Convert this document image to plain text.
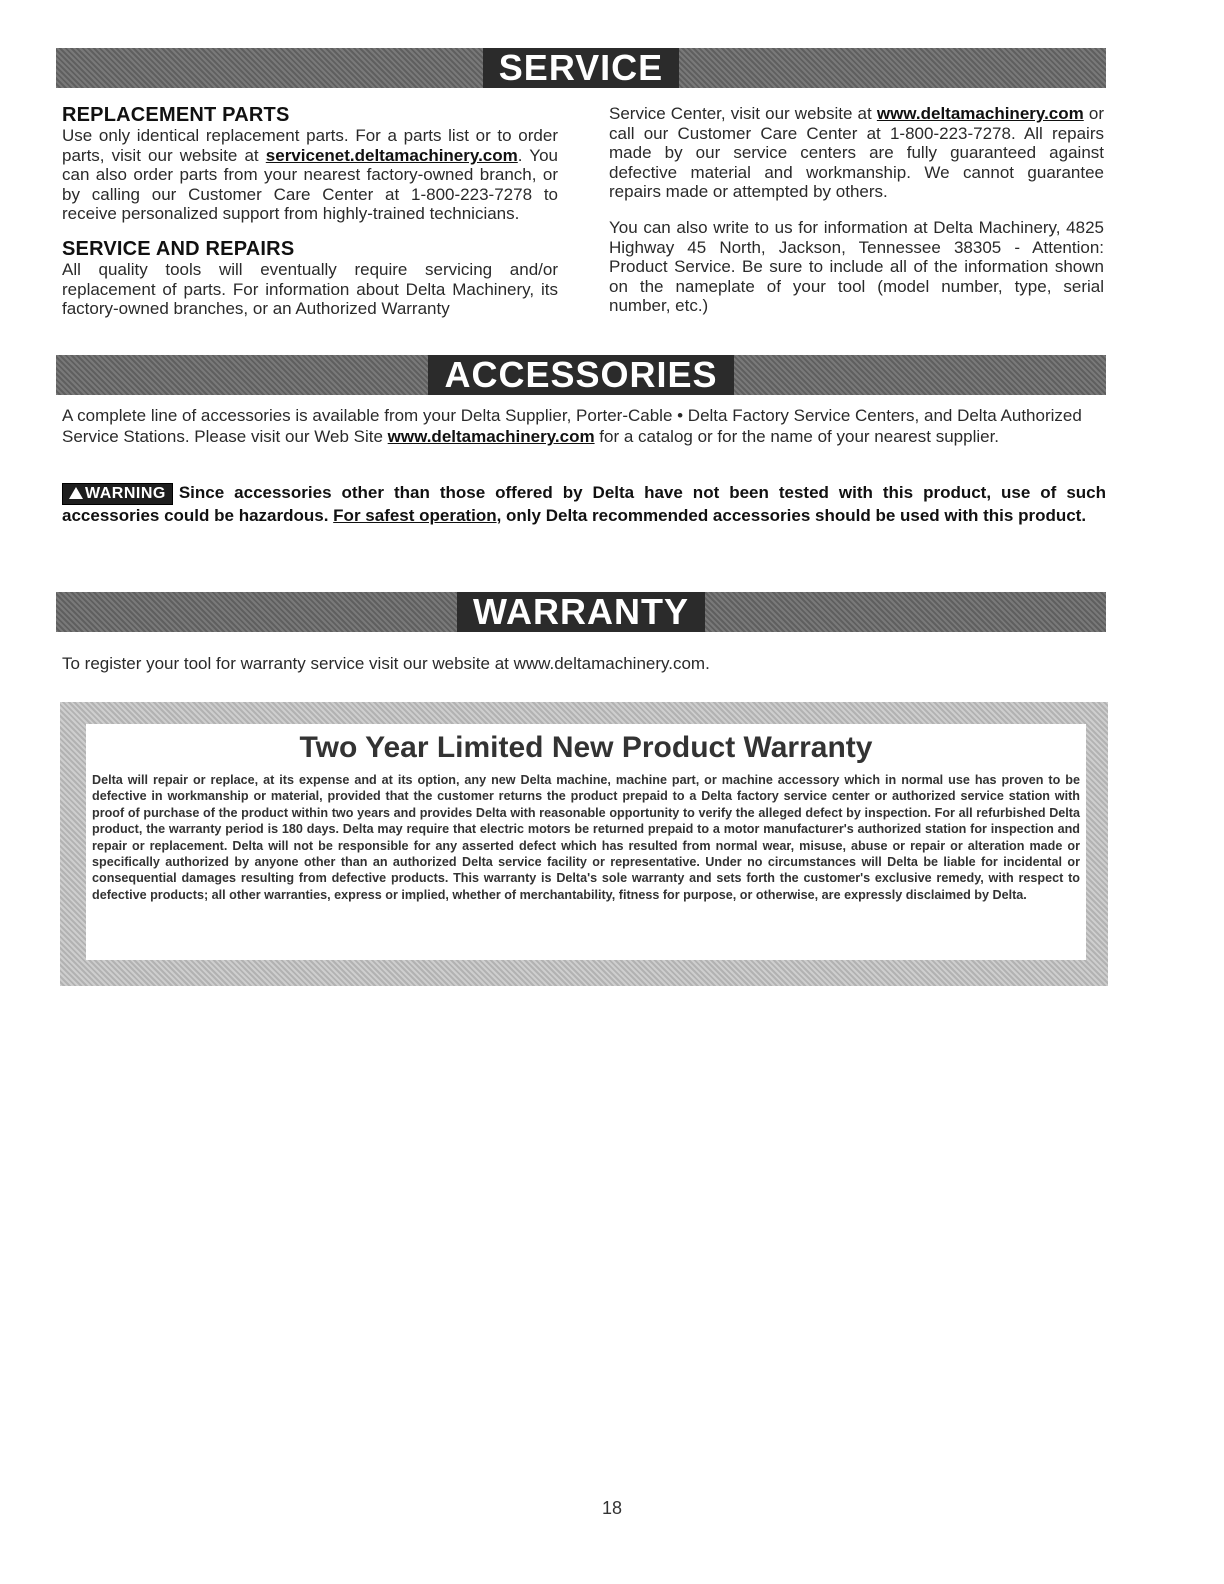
SERVICE
REPLACEMENT PARTS

Use only identical replacement parts. For a parts list or to order parts, visit our website at servicenet.deltamachinery.com. You can also order parts from your nearest factory-owned branch, or by calling our Customer Care Center at 1-800-223-7278 to receive personalized support from highly-trained technicians.

SERVICE AND REPAIRS

All quality tools will eventually require servicing and/or replacement of parts. For information about Delta Machinery, its factory-owned branches, or an Authorized Warranty

Service Center, visit our website at www.deltamachinery.com or call our Customer Care Center at 1-800-223-7278. All repairs made by our service centers are fully guaranteed against defective material and workmanship. We cannot guarantee repairs made or attempted by others.

You can also write to us for information at Delta Machinery, 4825 Highway 45 North, Jackson, Tennessee 38305 - Attention: Product Service. Be sure to include all of the information shown on the nameplate of your tool (model number, type, serial number, etc.)

ACCESSORIES

A complete line of accessories is available from your Delta Supplier, Porter-Cable • Delta Factory Service Centers, and Delta Authorized Service Stations. Please visit our Web Site www.deltamachinery.com for a catalog or for the name of your nearest supplier.

WARNING Since accessories other than those offered by Delta have not been tested with this product, use of such accessories could be hazardous. For safest operation, only Delta recommended accessories should be used with this product.
WARRANTY

To register your tool for warranty service visit our website at www.deltamachinery.com.

Two Year Limited New Product Warranty
Delta will repair or replace, at its expense and at its option, any new Delta machine, machine part, or machine accessory which in normal use has proven to be defective in workmanship or material, provided that the customer returns the product prepaid to a Delta factory service center or authorized service station with proof of purchase of the product within two years and provides Delta with reasonable opportunity to verify the alleged defect by inspection. For all refurbished Delta product, the warranty period is 180 days. Delta may require that electric motors be returned prepaid to a motor manufacturer's authorized station for inspection and repair or replacement. Delta will not be responsible for any asserted defect which has resulted from normal wear, misuse, abuse or repair or alteration made or specifically authorized by anyone other than an authorized Delta service facility or representative. Under no circumstances will Delta be liable for incidental or consequential damages resulting from defective products. This warranty is Delta's sole warranty and sets forth the customer's exclusive remedy, with respect to defective products; all other warranties, express or implied, whether of merchantability, fitness for purpose, or otherwise, are expressly disclaimed by Delta.
18
